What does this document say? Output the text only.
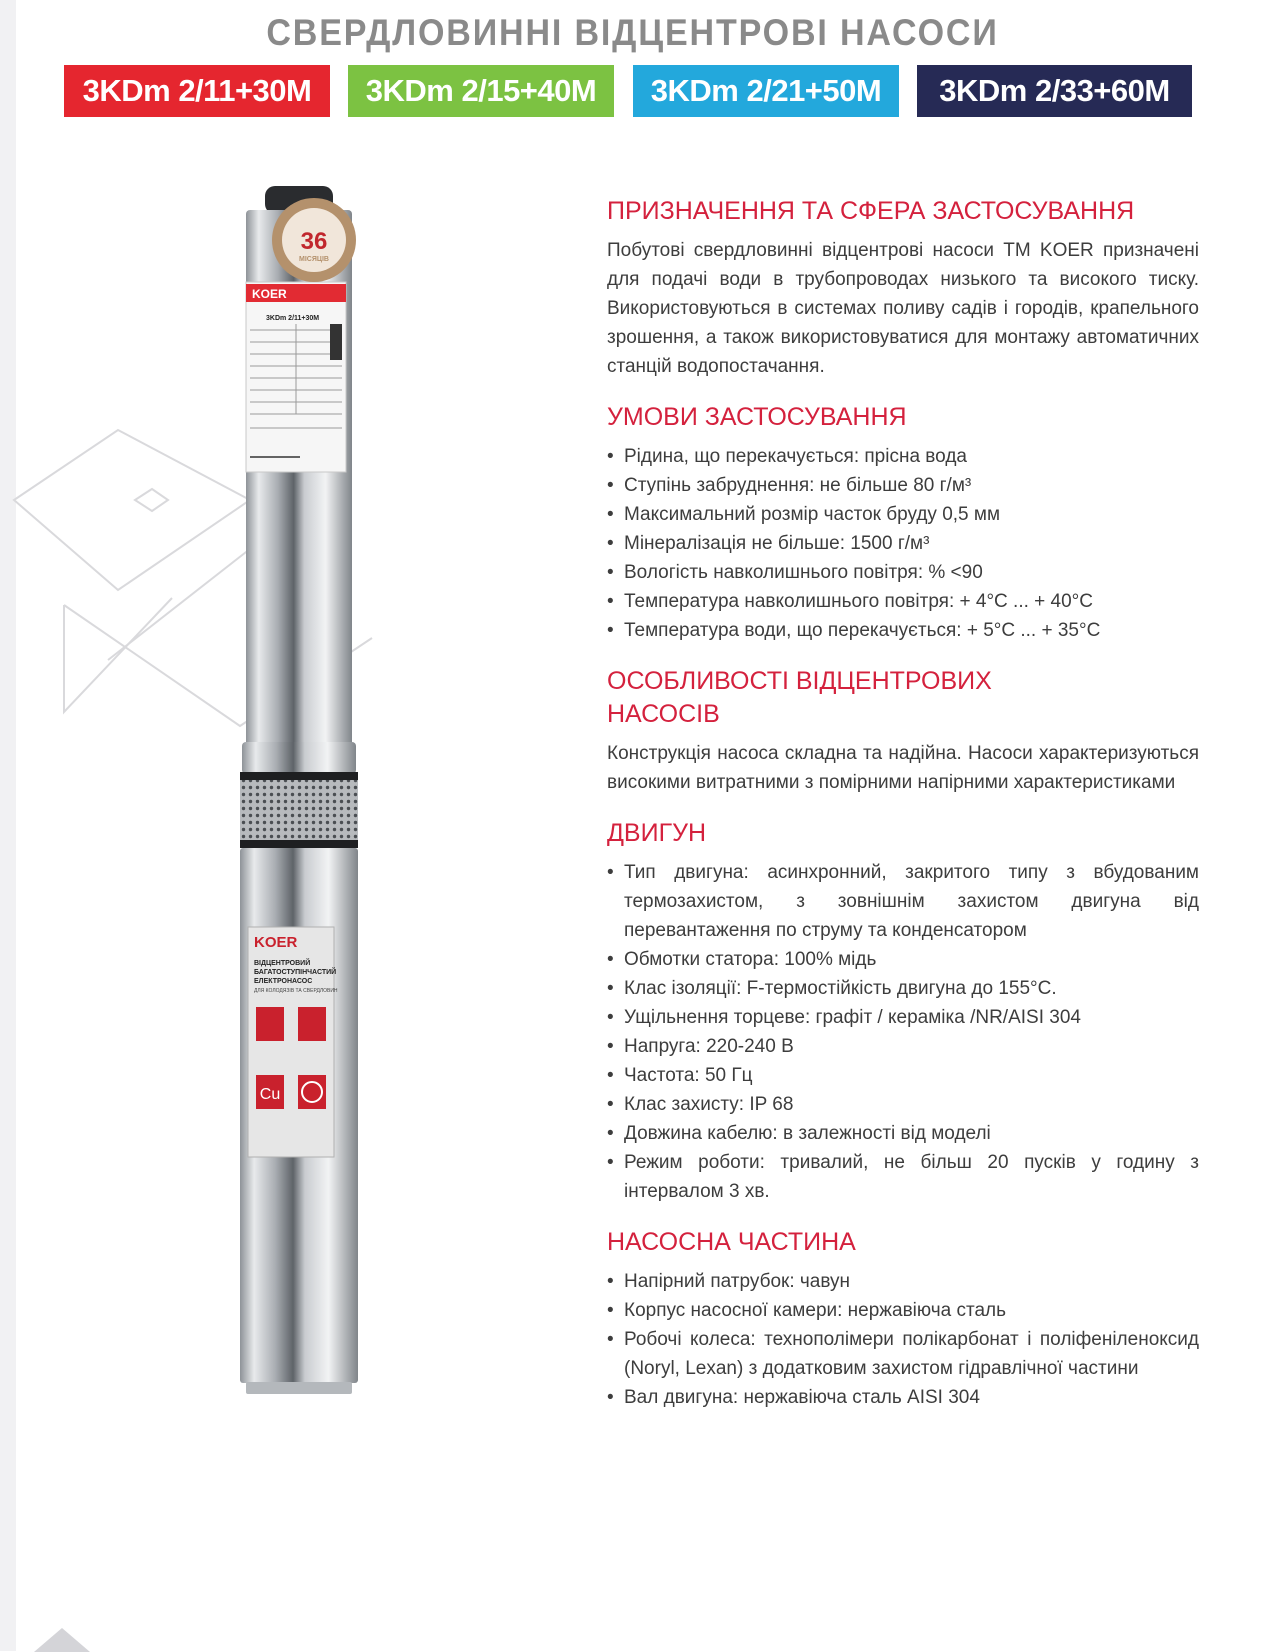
СВЕРДЛОВИННІ ВІДЦЕНТРОВІ НАСОСИ
3KDm 2/11+30M	3KDm 2/15+40M	3KDm 2/21+50M	3KDm 2/33+60M
KOER
3KDm 2/11+30M
36
МІСЯЦІВ
KOER
ВІДЦЕНТРОВИЙ
БАГАТОСТУПІНЧАСТИЙ
ЕЛЕКТРОНАСОС
ДЛЯ КОЛОДЯЗІВ ТА СВЕРДЛОВИН
Cu
ПРИЗНАЧЕННЯ ТА СФЕРА ЗАСТОСУВАННЯ

Побутові свердловинні відцентрові насоси ТМ KOER призначені для подачі води в трубопроводах низького та високого тиску. Використовуються в системах поливу садів і городів, крапельного зрошення, а також використовуватися для монтажу автоматичних станцій водопостачання.

УМОВИ ЗАСТОСУВАННЯ
• Рідина, що перекачується: прісна вода
• Ступінь забруднення: не більше 80 г/м³
• Максимальний розмір часток бруду 0,5 мм
• Мінералізація не більше: 1500 г/м³
• Вологість навколишнього повітря: % <90
• Температура навколишнього повітря: + 4°С ... + 40°С
• Температура води, що перекачується: + 5°С ... + 35°С
ОСОБЛИВОСТІ ВІДЦЕНТРОВИХ
НАСОСІВ

Конструкція насоса складна та надійна. Насоси характеризуються високими витратними з помірними напірними характеристиками

ДВИГУН
• Тип двигуна: асинхронний, закритого типу з вбудованим термозахистом, з зовнішнім захистом двигуна від перевантаження по струму та конденсатором
• Обмотки статора: 100% мідь
• Клас ізоляції: F-термостійкість двигуна до 155°С.
• Ущільнення торцеве: графіт / кераміка /NR/AISI 304
• Напруга: 220-240 В
• Частота: 50 Гц
• Клас захисту: IP 68
• Довжина кабелю: в залежності від моделі
• Режим роботи: тривалий, не більш 20 пусків у годину з інтервалом 3 хв.
НАСОСНА ЧАСТИНА
• Напірний патрубок: чавун
• Корпус насосної камери: нержавіюча сталь
• Робочі колеса: технополімери полікарбонат і поліфеніленоксид (Noryl, Lexan) з додатковим захистом гідравлічної частини
• Вал двигуна: нержавіюча сталь AISI 304
